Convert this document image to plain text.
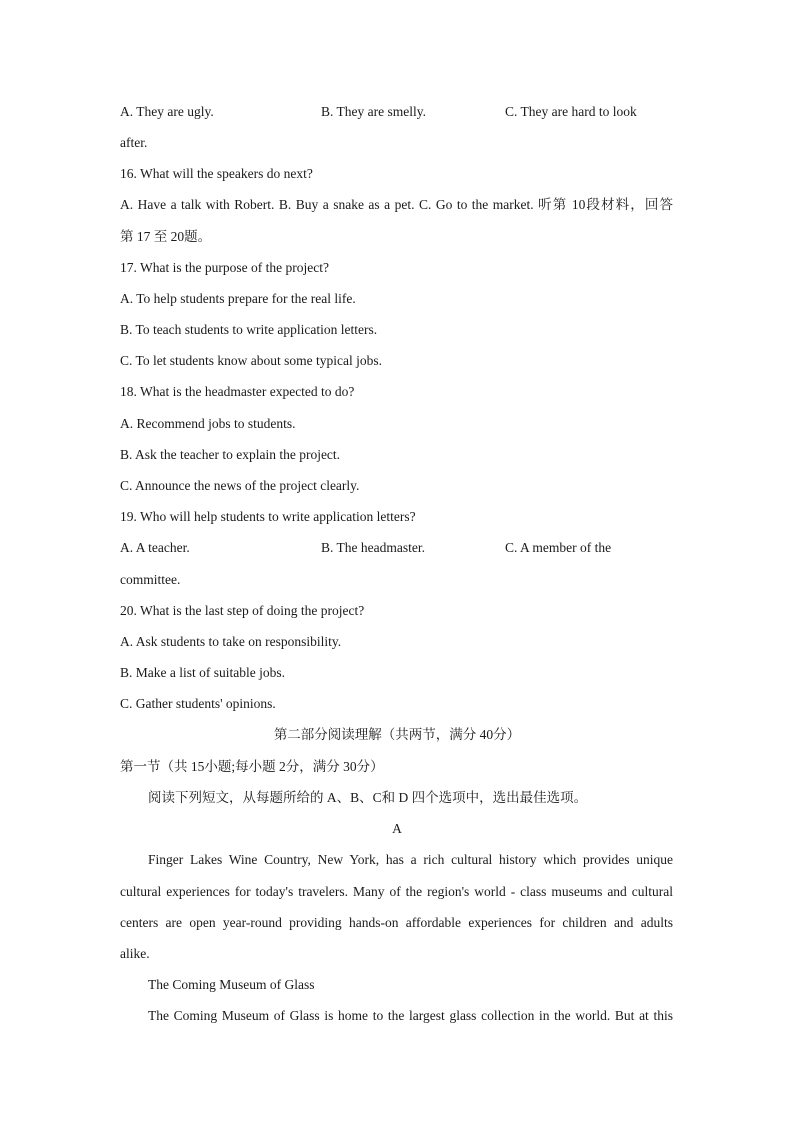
A. They are ugly.	B. They are smelly.	C. They are hard to look
after.
16. What will the speakers do next?
A. Have a talk with Robert. B. Buy a snake as a pet. C. Go to the market. 听第 10段材料，回答
第 17 至 20题。
17. What is the purpose of the project?
A. To help students prepare for the real life.
B. To teach students to write application letters.
C. To let students know about some typical jobs.
18. What is the headmaster expected to do?
A. Recommend jobs to students.
B. Ask the teacher to explain the project.
C. Announce the news of the project clearly.
19. Who will help students to write application letters?
A. A teacher.	B. The headmaster.	C. A member of the
committee.
20. What is the last step of doing the project?
A. Ask students to take on responsibility.
B. Make a list of suitable jobs.
C. Gather students' opinions.
第二部分阅读理解（共两节，满分 40分）
第一节（共 15小题;每小题 2分，满分 30分）
阅读下列短文，从每题所给的 A、B、C和 D 四个选项中，选出最佳选项。
A
Finger Lakes Wine Country, New York, has a rich cultural history which provides unique
cultural experiences for today's travelers. Many of the region's world - class museums and cultural
centers are open year-round providing hands-on affordable experiences for children and adults
alike.
The Coming Museum of Glass
The Coming Museum of Glass is home to the largest glass collection in the world. But at this
